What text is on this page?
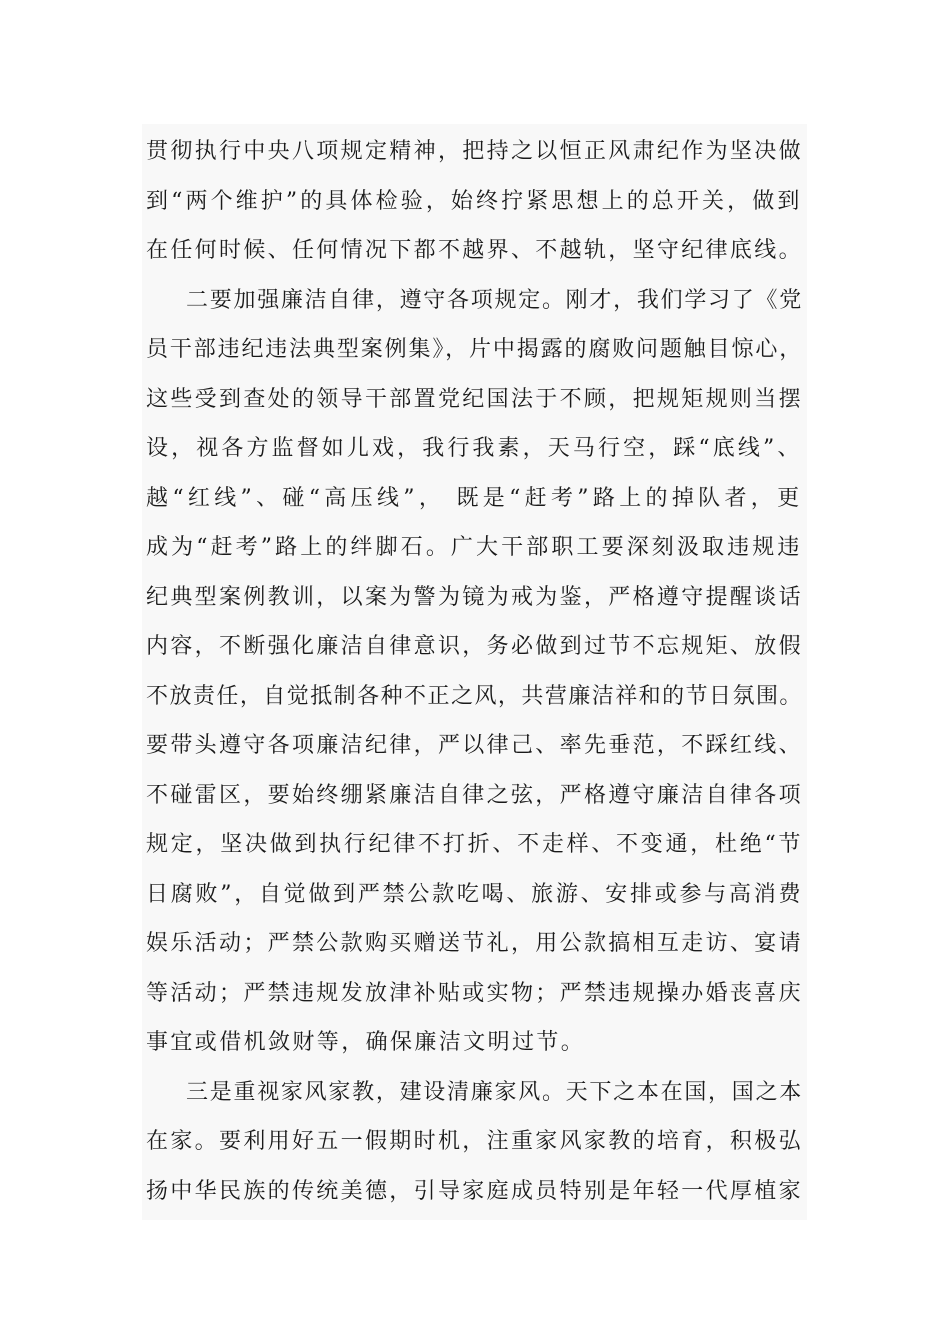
贯彻执行中央八项规定精神，把持之以恒正风肃纪作为坚决做
到“两个维护”的具体检验，始终拧紧思想上的总开关，做到
在任何时候、任何情况下都不越界、不越轨，坚守纪律底线。
二要加强廉洁自律，遵守各项规定。刚才，我们学习了《党
员干部违纪违法典型案例集》，片中揭露的腐败问题触目惊心，
这些受到查处的领导干部置党纪国法于不顾，把规矩规则当摆
设，视各方监督如儿戏，我行我素，天马行空，踩“底线”、
越“红线”、碰“高压线”， 既是“赶考”路上的掉队者，更
成为“赶考”路上的绊脚石。广大干部职工要深刻汲取违规违
纪典型案例教训，以案为警为镜为戒为鉴，严格遵守提醒谈话
内容，不断强化廉洁自律意识，务必做到过节不忘规矩、放假
不放责任，自觉抵制各种不正之风，共营廉洁祥和的节日氛围。
要带头遵守各项廉洁纪律，严以律己、率先垂范，不踩红线、
不碰雷区，要始终绷紧廉洁自律之弦，严格遵守廉洁自律各项
规定，坚决做到执行纪律不打折、不走样、不变通，杜绝“节
日腐败”，自觉做到严禁公款吃喝、旅游、安排或参与高消费
娱乐活动；严禁公款购买赠送节礼，用公款搞相互走访、宴请
等活动；严禁违规发放津补贴或实物；严禁违规操办婚丧喜庆
事宜或借机敛财等，确保廉洁文明过节。
三是重视家风家教，建设清廉家风。天下之本在国，国之本
在家。要利用好五一假期时机，注重家风家教的培育，积极弘
扬中华民族的传统美德，引导家庭成员特别是年轻一代厚植家
